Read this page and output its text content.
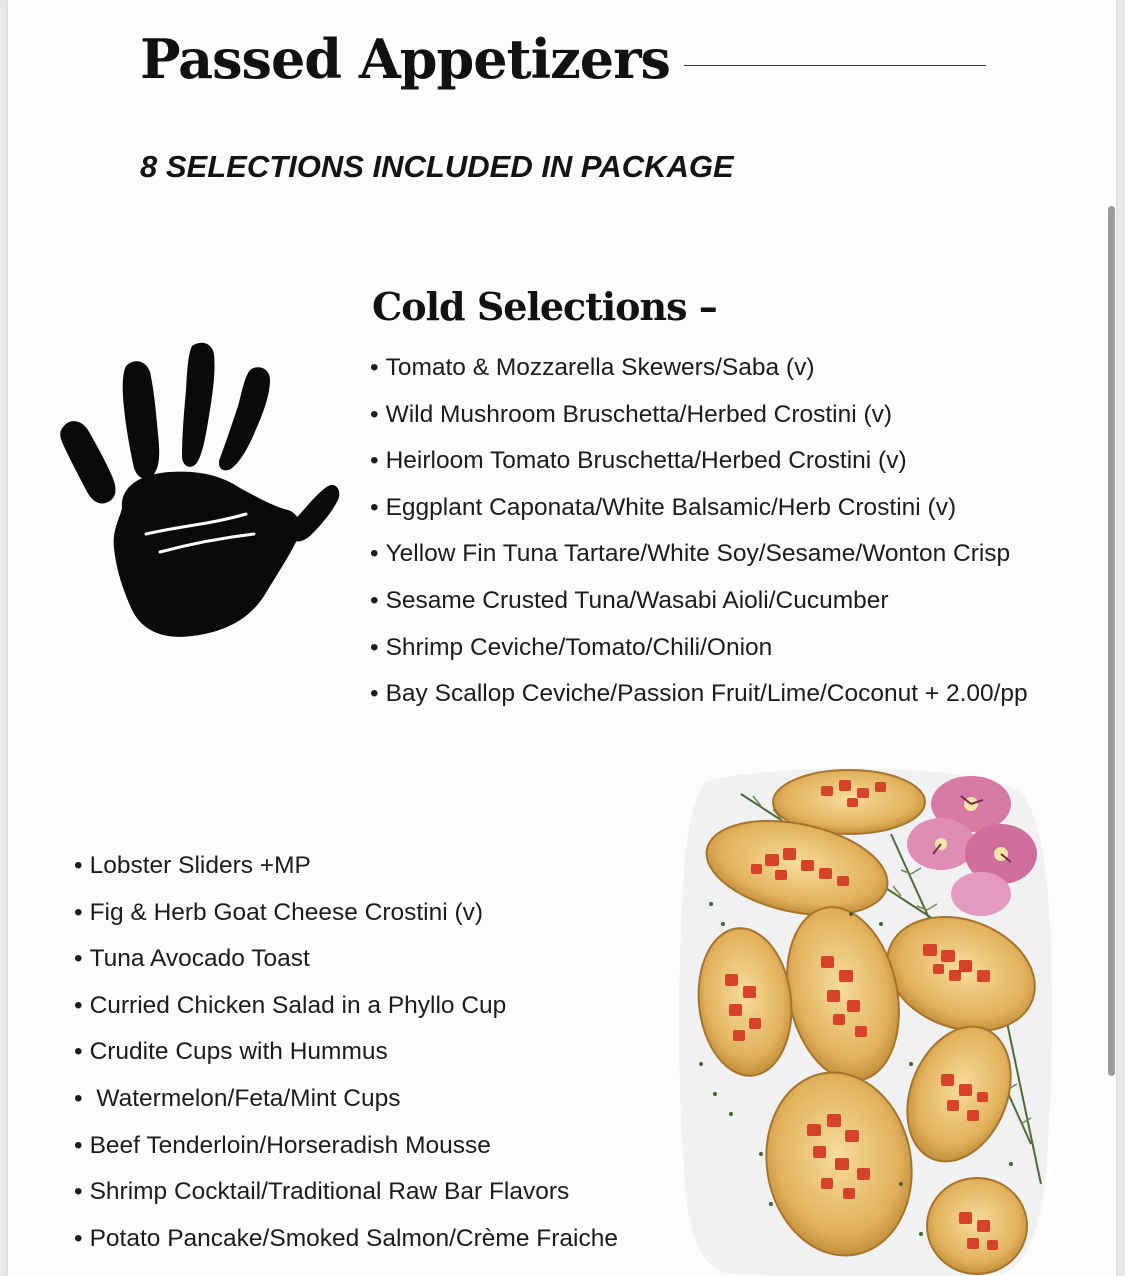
Passed Appetizers
8 SELECTIONS INCLUDED IN PACKAGE
Cold Selections –
• Tomato & Mozzarella Skewers/Saba (v)
• Wild Mushroom Bruschetta/Herbed Crostini (v)
• Heirloom Tomato Bruschetta/Herbed Crostini (v)
• Eggplant Caponata/White Balsamic/Herb Crostini (v)
• Yellow Fin Tuna Tartare/White Soy/Sesame/Wonton Crisp
• Sesame Crusted Tuna/Wasabi Aioli/Cucumber
• Shrimp Ceviche/Tomato/Chili/Onion
• Bay Scallop Ceviche/Passion Fruit/Lime/Coconut + 2.00/pp
• Lobster Sliders +MP
• Fig & Herb Goat Cheese Crostini (v)
• Tuna Avocado Toast
• Curried Chicken Salad in a Phyllo Cup
• Crudite Cups with Hummus
• Watermelon/Feta/Mint Cups
• Beef Tenderloin/Horseradish Mousse
• Shrimp Cocktail/Traditional Raw Bar Flavors
• Potato Pancake/Smoked Salmon/Crème Fraiche
